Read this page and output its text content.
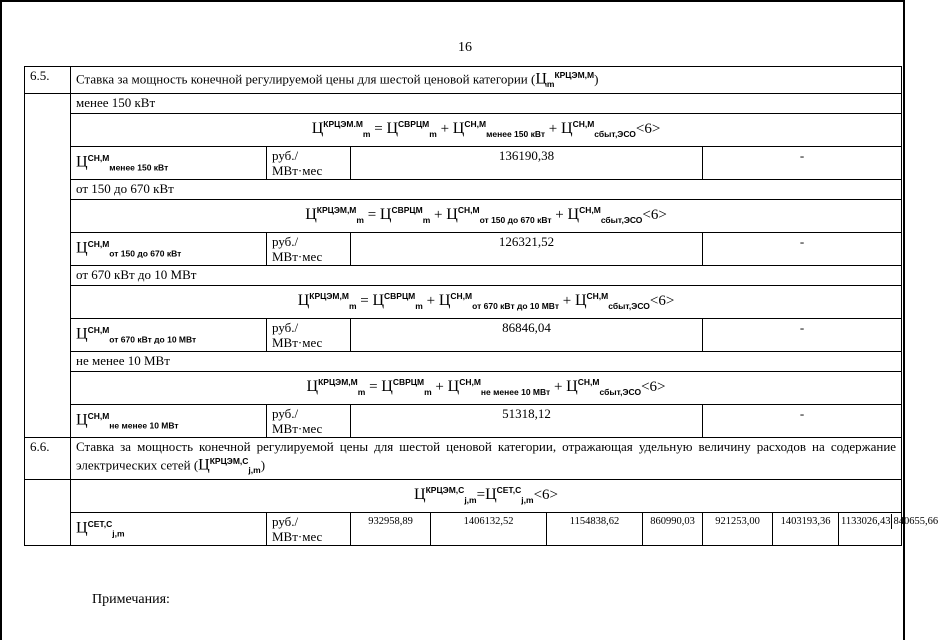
16
6.5.	Ставка за мощность конечной регулируемой цены для шестой ценовой категории $(Ц_m^{КРЦЭМ,М})$								
	менее 150 кВт								
	$Ц^{КРЦЭМ.М}_m = Ц^{СВРЦМ}_m + Ц^{СН,М}_{менее 150 кВт} + Ц^{СН,М}_{сбыт,ЭСО}<6>$								
	$Ц^{СН,М}_{менее 150 кВт}$	руб./
МВт·мес	136190,38				-		
	от 150 до 670 кВт								
	$Ц^{КРЦЭМ,М}_m = Ц^{СВРЦМ}_m + Ц^{СН,М}_{от 150 до 670 кВт} + Ц^{СН,М}_{сбыт,ЭСО}<6>$								
	$Ц^{СН,М}_{от 150 до 670 кВт}$	руб./
МВт·мес	126321,52				-		
	от 670 кВт до 10 МВт								
	$Ц^{КРЦЭМ,М}_m = Ц^{СВРЦМ}_m + Ц^{СН,М}_{от 670 кВт до 10 МВт} + Ц^{СН,М}_{сбыт,ЭСО}<6>$								
	$Ц^{СН,М}_{от 670 кВт до 10 МВт}$	руб./
МВт·мес	86846,04				-		
	не менее 10 МВт								
	$Ц^{КРЦЭМ,М}_m = Ц^{СВРЦМ}_m + Ц^{СН,М}_{не менее 10 МВт} + Ц^{СН,М}_{сбыт,ЭСО}<6>$								
	$Ц^{СН,М}_{не менее 10 МВт}$	руб./
МВт·мес	51318,12				-		
6.6.	Ставка за мощность конечной регулируемой цены для шестой ценовой категории, отражающая удельную величину расходов на содержание электрических сетей $(Ц^{КРЦЭМ,С}_{j,m})$								
	$Ц^{КРЦЭМ,С}_{j,m}=Ц^{СЕТ,С}_{j,m}<6>$								
	$Ц^{СЕТ,С}_{j,m}$	руб./
МВт·мес	932958,89	1406132,52	1154838,62	860990,03	921253,00	1403193,36	1133026,43 840655,66
Примечания:
